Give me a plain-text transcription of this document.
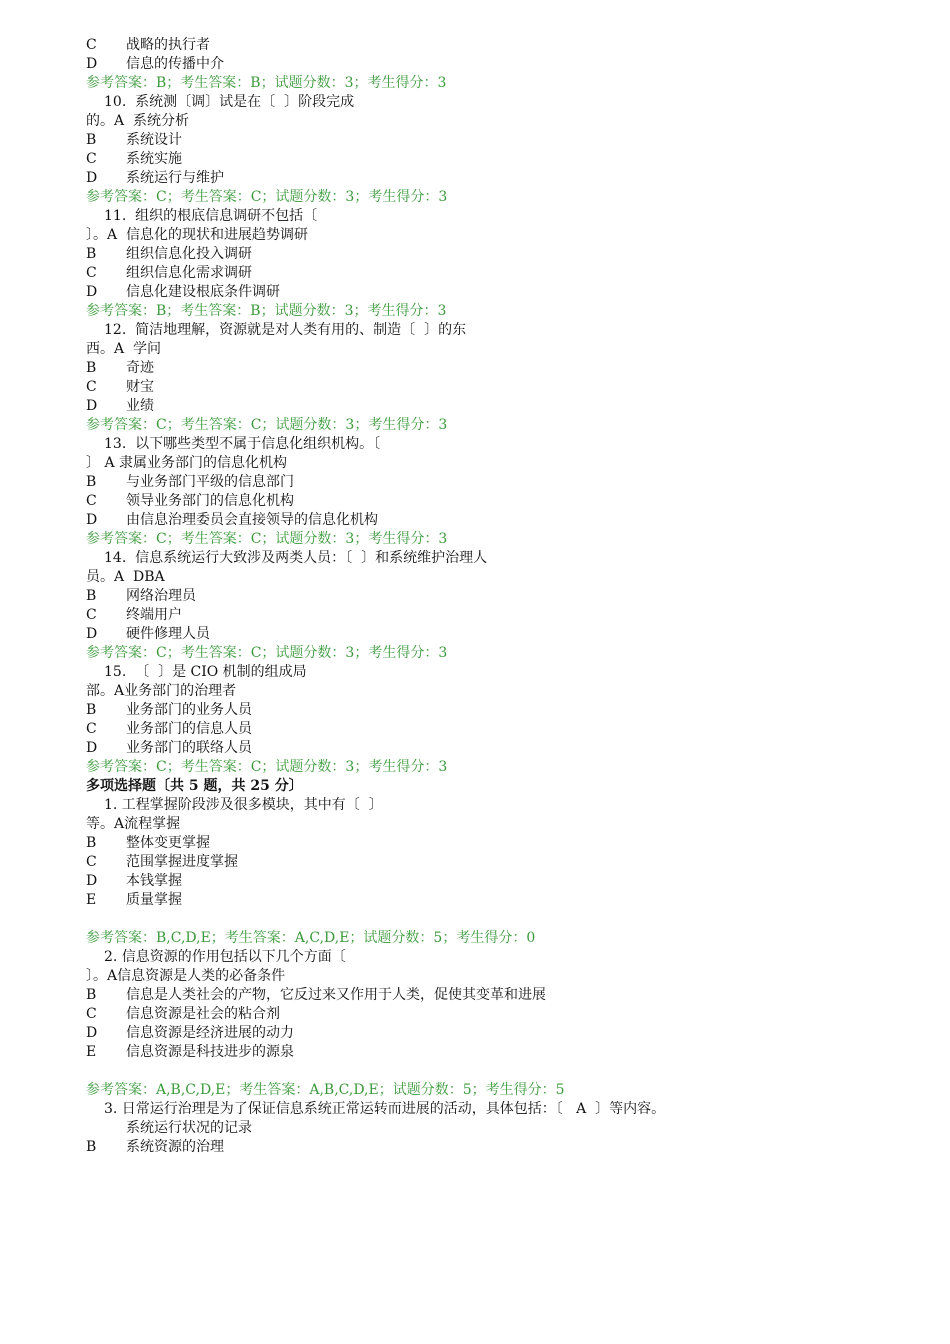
C 战略的执行者
D 信息的传播中介
参考答案：B；考生答案：B；试题分数：3；考生得分：3
10.  系统测〔调〕试是在〔  〕阶段完成
的。A  系统分析
B 系统设计
C 系统实施
D 系统运行与维护
参考答案：C；考生答案：C；试题分数：3；考生得分：3
11.  组织的根底信息调研不包括〔
〕。A  信息化的现状和进展趋势调研
B 组织信息化投入调研
C 组织信息化需求调研
D 信息化建设根底条件调研
参考答案：B；考生答案：B；试题分数：3；考生得分：3
12.  简洁地理解，资源就是对人类有用的、制造〔  〕的东
西。A  学问
B 奇迹
C 财宝
D 业绩
参考答案：C；考生答案：C；试题分数：3；考生得分：3
13.  以下哪些类型不属于信息化组织机构。〔
〕 A 隶属业务部门的信息化机构
B 与业务部门平级的信息部门
C 领导业务部门的信息化机构
D 由信息治理委员会直接领导的信息化机构
参考答案：C；考生答案：C；试题分数：3；考生得分：3
14.  信息系统运行大致涉及两类人员：〔  〕和系统维护治理人
员。A  DBA
B 网络治理员
C 终端用户
D 硬件修理人员
参考答案：C；考生答案：C；试题分数：3；考生得分：3
15.  〔  〕是 CIO 机制的组成局
部。A业务部门的治理者
B 业务部门的业务人员
C 业务部门的信息人员
D 业务部门的联络人员
参考答案：C；考生答案：C；试题分数：3；考生得分：3
多项选择题〔共 5 题，共 25 分〕
1. 工程掌握阶段涉及很多模块，其中有〔  〕
等。A流程掌握
B 整体变更掌握
C 范围掌握进度掌握
D 本钱掌握
E 质量掌握
参考答案：B,C,D,E；考生答案：A,C,D,E；试题分数：5；考生得分：0
2. 信息资源的作用包括以下几个方面〔
〕。A信息资源是人类的必备条件
B 信息是人类社会的产物，它反过来又作用于人类，促使其变革和进展
C 信息资源是社会的粘合剂
D 信息资源是经济进展的动力
E 信息资源是科技进步的源泉
参考答案：A,B,C,D,E；考生答案：A,B,C,D,E；试题分数：5；考生得分：5
3. 日常运行治理是为了保证信息系统正常运转而进展的活动，具体包括：〔   A  〕等内容。
系统运行状况的记录
B 系统资源的治理
